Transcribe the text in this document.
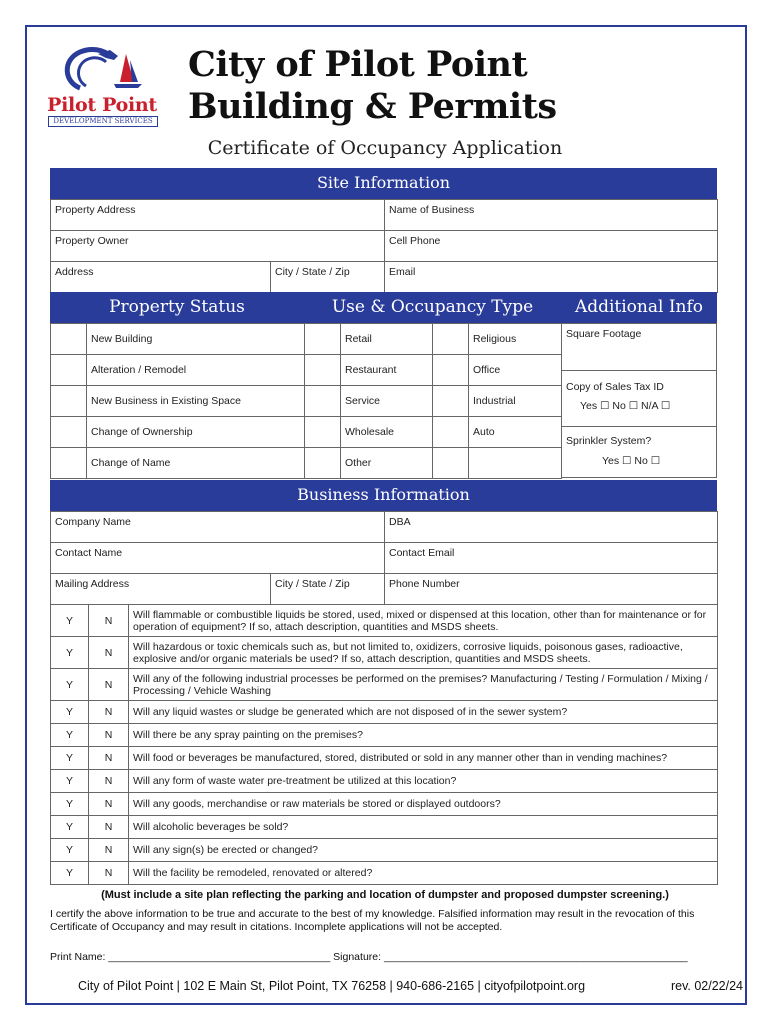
Pilot Point
DEVELOPMENT SERVICES
City of Pilot Point
Building & Permits
Certificate of Occupancy Application
Site Information
Property Address		Name of Business
Property Owner		Cell Phone
Address	City / State / Zip	Email
Property Status	Use & Occupancy Type	Additional Info
	New Building		Retail		Religious
	Alteration / Remodel		Restaurant		Office
	New Business in Existing Space		Service		Industrial
	Change of Ownership		Wholesale		Auto
	Change of Name		Other		
Square Footage

Copy of Sales Tax ID
Yes ☐ No ☐ N/A ☐

Sprinkler System?
Yes ☐ No ☐
Business Information
Company Name		DBA
Contact Name		Contact Email
Mailing Address	City / State / Zip	Phone Number
Y	N	Will flammable or combustible liquids be stored, used, mixed or dispensed at this location, other than for maintenance or for operation of equipment? If so, attach description, quantities and MSDS sheets.
Y	N	Will hazardous or toxic chemicals such as, but not limited to, oxidizers, corrosive liquids, poisonous gases, radioactive, explosive and/or organic materials be used? If so, attach description, quantities and MSDS sheets.
Y	N	Will any of the following industrial processes be performed on the premises? Manufacturing / Testing / Formulation / Mixing / Processing / Vehicle Washing
Y	N	Will any liquid wastes or sludge be generated which are not disposed of in the sewer system?
Y	N	Will there be any spray painting on the premises?
Y	N	Will food or beverages be manufactured, stored, distributed or sold in any manner other than in vending machines?
Y	N	Will any form of waste water pre-treatment be utilized at this location?
Y	N	Will any goods, merchandise or raw materials be stored or displayed outdoors?
Y	N	Will alcoholic beverages be sold?
Y	N	Will any sign(s) be erected or changed?
Y	N	Will the facility be remodeled, renovated or altered?
(Must include a site plan reflecting the parking and location of dumpster and proposed dumpster screening.)
I certify the above information to be true and accurate to the best of my knowledge. Falsified information may result in the revocation of this Certificate of Occupancy and may result in citations. Incomplete applications will not be accepted.
Print Name: ______________________________________ Signature: ____________________________________________________
City of Pilot Point | 102 E Main St, Pilot Point, TX 76258 | 940-686-2165 | cityofpilotpoint.org	rev. 02/22/24
